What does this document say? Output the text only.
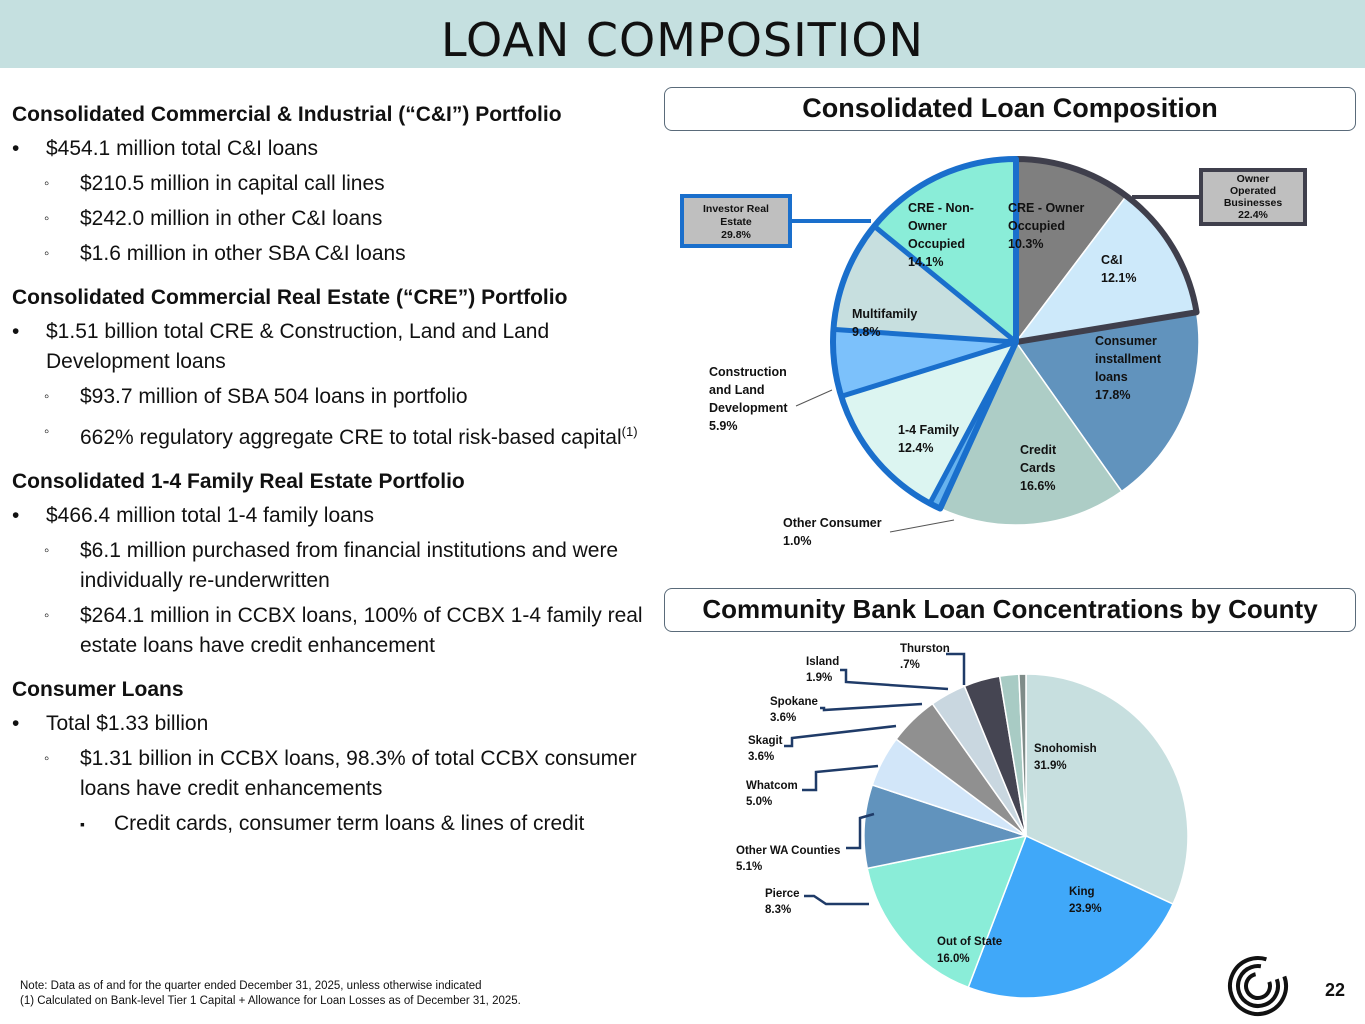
LOAN COMPOSITION
Consolidated Commercial & Industrial (“C&I”) Portfolio
• $454.1 million total C&I loans
◦ $210.5 million in capital call lines
◦ $242.0 million in other C&I loans
◦ $1.6 million in other SBA C&I loans
Consolidated Commercial Real Estate (“CRE”) Portfolio
• $1.51 billion total CRE & Construction, Land and Land Development loans
◦ $93.7 million of SBA 504 loans in portfolio
◦ 662% regulatory aggregate CRE to total risk-based capital$^{(1)}$
Consolidated 1-4 Family Real Estate Portfolio
• $466.4 million total 1-4 family loans
◦ $6.1 million purchased from financial institutions and were individually re-underwritten
◦ $264.1 million in CCBX loans, 100% of CCBX 1-4 family real estate loans have credit enhancement
Consumer Loans
• Total $1.33 billion
◦ $1.31 billion in CCBX loans, 98.3% of total CCBX consumer loans have credit enhancements
▪ Credit cards, consumer term loans & lines of credit
Consolidated Loan Composition
Community Bank Loan Concentrations by County
CRE - Owner Occupied 10.3%
C&I 12.1%
Consumer installment loans 17.8%
Credit Cards 16.6%
1-4 Family 12.4%
Multifamily 9.8%
CRE - Non-Owner Occupied 14.1%
Construction and Land Development 5.9%
Other Consumer 1.0%
Owner Operated Businesses 22.4%
Investor Real Estate 29.8%
Snohomish 31.9%
King 23.9%
Out of State 16.0%
Pierce 8.3%
Other WA Counties 5.1%
Whatcom 5.0%
Skagit 3.6%
Spokane 3.6%
Island 1.9%
Thurston .7%
Note: Data as of and for the quarter ended December 31, 2025, unless otherwise indicated
(1) Calculated on Bank-level Tier 1 Capital + Allowance for Loan Losses as of December 31, 2025.
22
